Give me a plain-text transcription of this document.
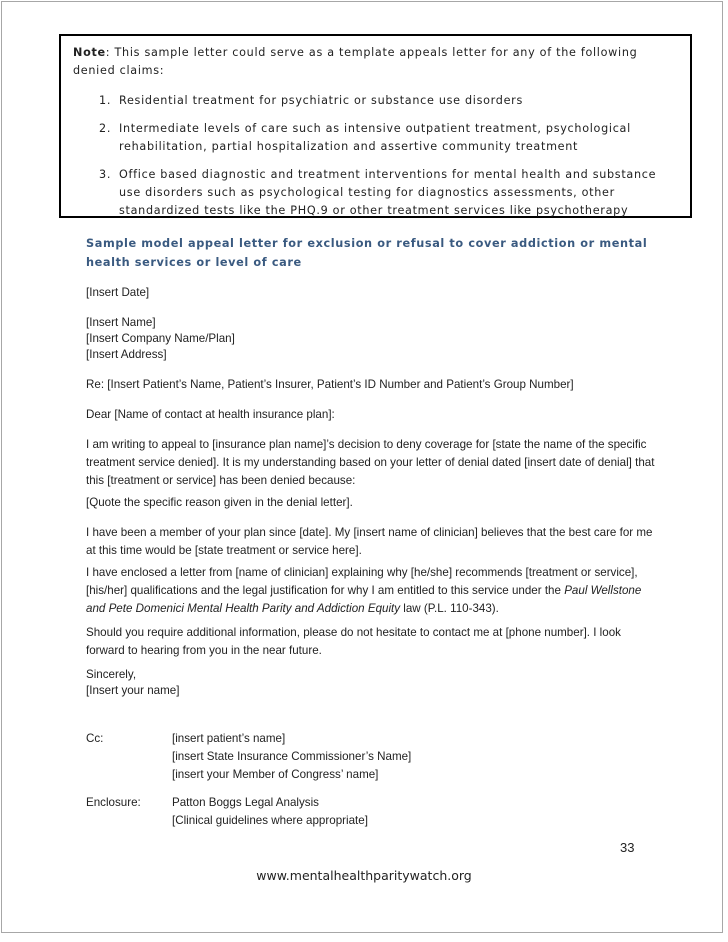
Note: This sample letter could serve as a template appeals letter for any of the following denied claims:

1. Residential treatment for psychiatric or substance use disorders
2. Intermediate levels of care such as intensive outpatient treatment, psychological rehabilitation, partial hospitalization and assertive community treatment
3. Office based diagnostic and treatment interventions for mental health and substance use disorders such as psychological testing for diagnostics assessments, other standardized tests like the PHQ.9 or other treatment services like psychotherapy
Sample model appeal letter for exclusion or refusal to cover addiction or mental health services or level of care

[Insert Date]

[Insert Name]

[Insert Company Name/Plan]

[Insert Address]

Re: [Insert Patient’s Name, Patient’s Insurer, Patient’s ID Number and Patient’s Group Number]

Dear [Name of contact at health insurance plan]:

I am writing to appeal to [insurance plan name]’s decision to deny coverage for [state the name of the specific treatment service denied]. It is my understanding based on your letter of denial dated [insert date of denial] that this [treatment or service] has been denied because:

[Quote the specific reason given in the denial letter].

I have been a member of your plan since [date]. My [insert name of clinician] believes that the best care for me at this time would be [state treatment or service here].

I have enclosed a letter from [name of clinician] explaining why [he/she] recommends [treatment or service], [his/her] qualifications and the legal justification for why I am entitled to this service under the Paul Wellstone and Pete Domenici Mental Health Parity and Addiction Equity law (P.L. 110-343).

Should you require additional information, please do not hesitate to contact me at [phone number]. I look forward to hearing from you in the near future.

Sincerely,

[Insert your name]

Cc:	[insert patient’s name]
[insert State Insurance Commissioner’s Name]
[insert your Member of Congress’ name]
Enclosure:	Patton Boggs Legal Analysis
[Clinical guidelines where appropriate]
33
www.mentalhealthparitywatch.org
